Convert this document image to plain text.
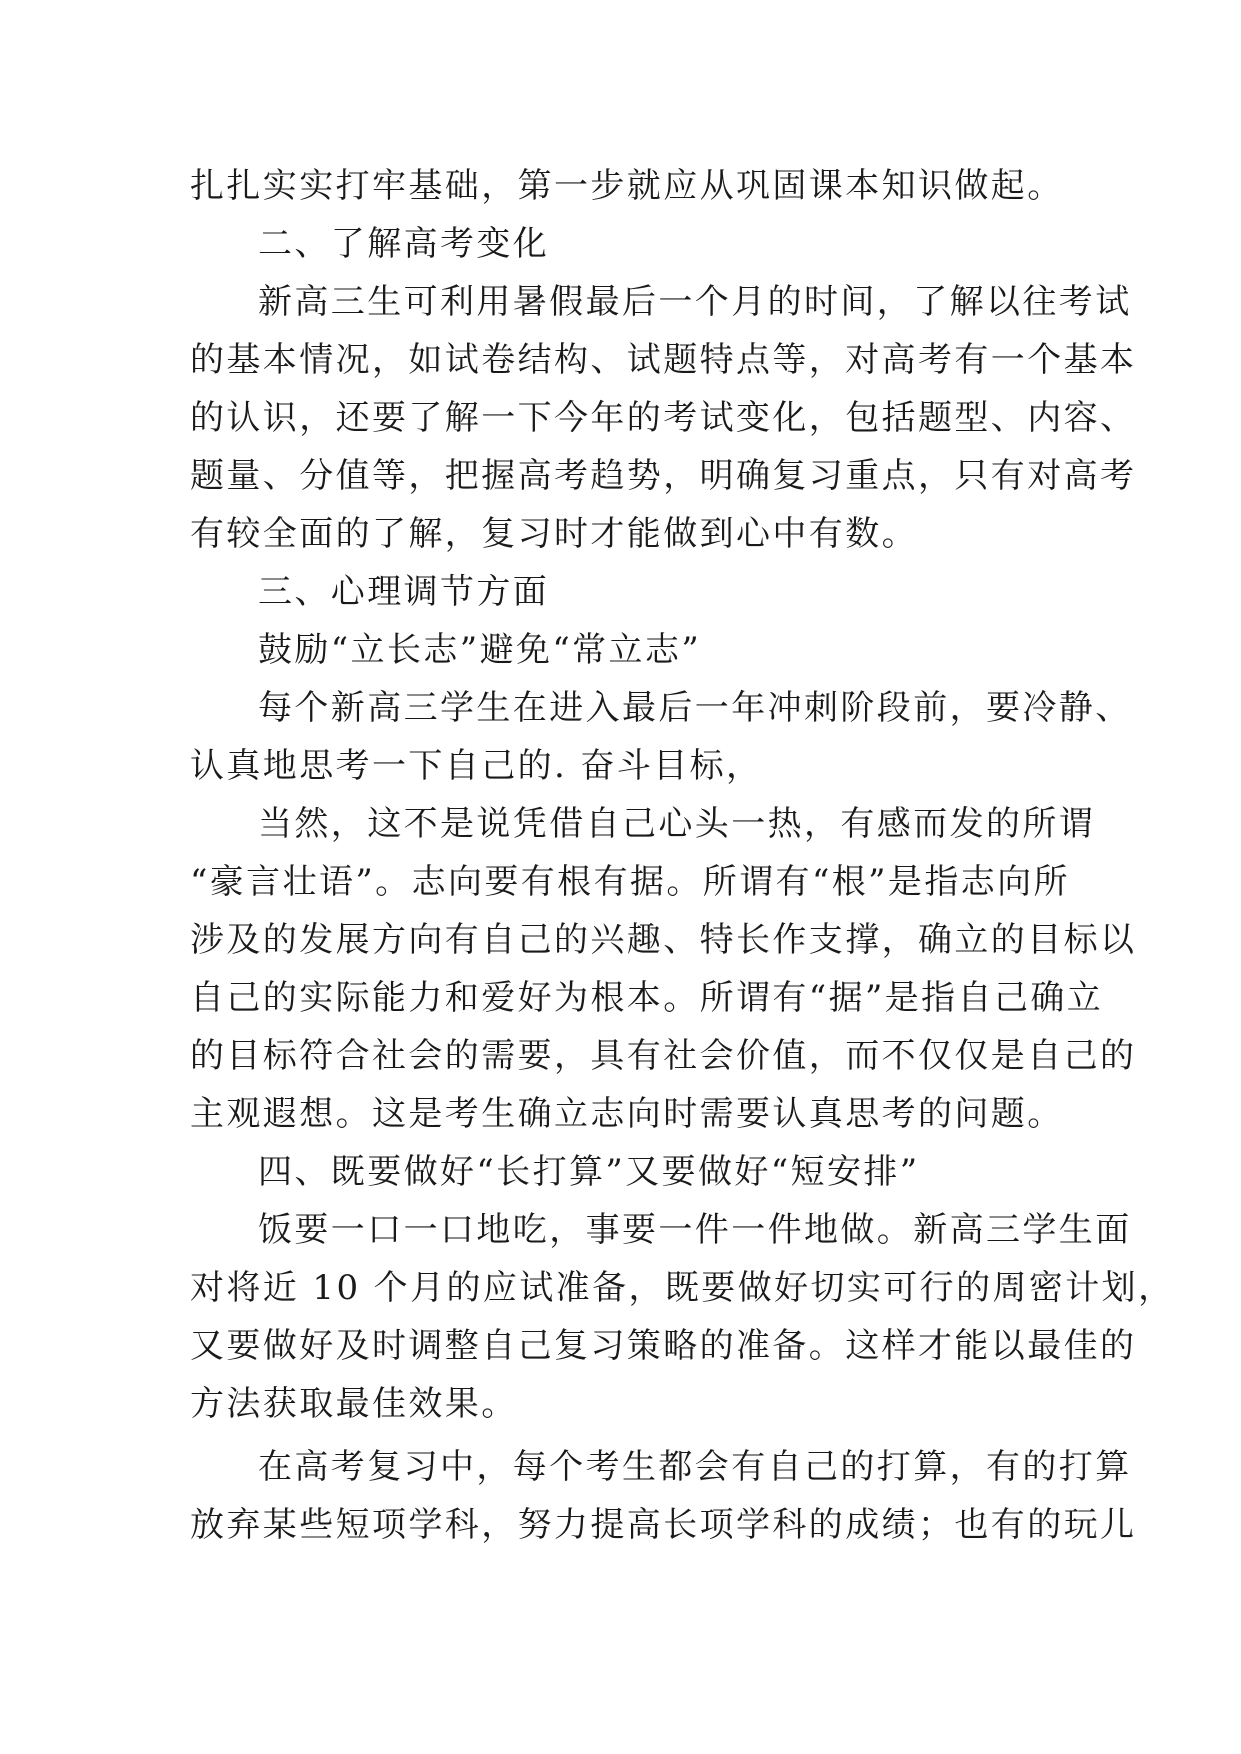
扎扎实实打牢基础，第一步就应从巩固课本知识做起。
二、了解高考变化
新高三生可利用暑假最后一个月的时间，了解以往考试
的基本情况，如试卷结构、试题特点等，对高考有一个基本
的认识，还要了解一下今年的考试变化，包括题型、内容、
题量、分值等，把握高考趋势，明确复习重点，只有对高考
有较全面的了解，复习时才能做到心中有数。
三、心理调节方面
鼓励“立长志”避免“常立志”
每个新高三学生在进入最后一年冲刺阶段前，要冷静、
认真地思考一下自己的. 奋斗目标，
当然，这不是说凭借自己心头一热，有感而发的所谓
“豪言壮语”。志向要有根有据。所谓有“根”是指志向所
涉及的发展方向有自己的兴趣、特长作支撑，确立的目标以
自己的实际能力和爱好为根本。所谓有“据”是指自己确立
的目标符合社会的需要，具有社会价值，而不仅仅是自己的
主观遐想。这是考生确立志向时需要认真思考的问题。
四、既要做好“长打算”又要做好“短安排”
饭要一口一口地吃，事要一件一件地做。新高三学生面
对将近 10 个月的应试准备，既要做好切实可行的周密计划，
又要做好及时调整自己复习策略的准备。这样才能以最佳的
方法获取最佳效果。
在高考复习中，每个考生都会有自己的打算，有的打算
放弃某些短项学科，努力提高长项学科的成绩；也有的玩儿
